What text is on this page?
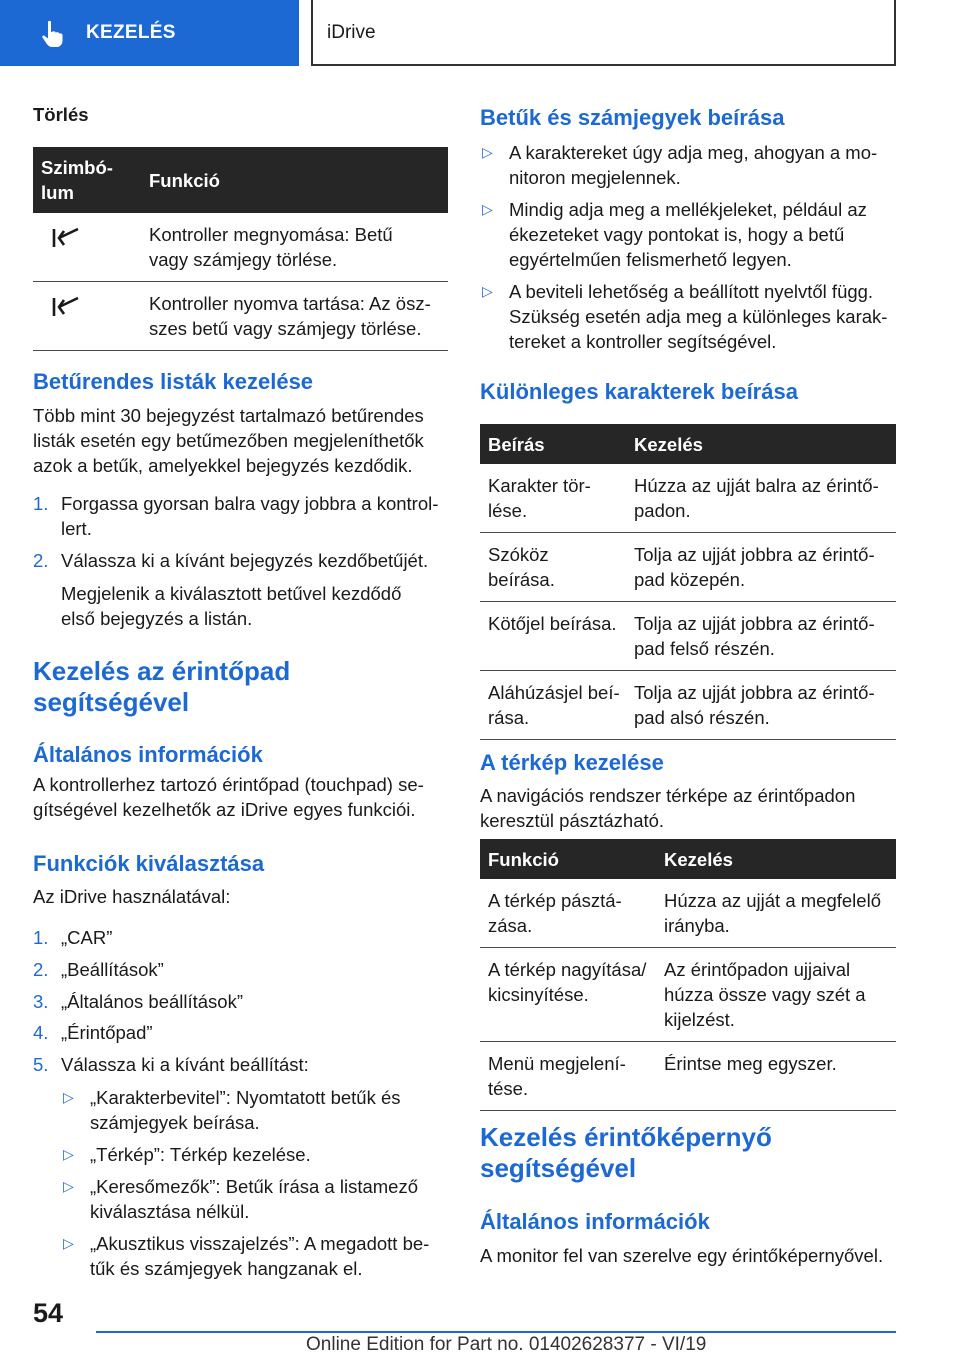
KEZELÉS	iDrive
Törlés
Szimbó-
lum	Funkció
	Kontroller megnyomása: Betű
vagy számjegy törlése.
	Kontroller nyomva tartása: Az ösz-
szes betű vagy számjegy törlése.
Betűrendes listák kezelése
Több mint 30 bejegyzést tartalmazó betűrendes
listák esetén egy betűmezőben megjeleníthetők
azok a betűk, amelyekkel bejegyzés kezdődik.
1. Forgassa gyorsan balra vagy jobbra a kontrol-
lert.
2. Válassza ki a kívánt bejegyzés kezdőbetűjét.
Megjelenik a kiválasztott betűvel kezdődő
első bejegyzés a listán.
Kezelés az érintőpad
segítségével
Általános információk
A kontrollerhez tartozó érintőpad (touchpad) se-
gítségével kezelhetők az iDrive egyes funkciói.
Funkciók kiválasztása
Az iDrive használatával:
1. „CAR”
2. „Beállítások”
3. „Általános beállítások”
4. „Érintőpad”
5. Válassza ki a kívánt beállítást:
▷ „Karakterbevitel”: Nyomtatott betűk és
számjegyek beírása.
▷ „Térkép”: Térkép kezelése.
▷ „Keresőmezők”: Betűk írása a listamező
kiválasztása nélkül.
▷ „Akusztikus visszajelzés”: A megadott be-
tűk és számjegyek hangzanak el.
Betűk és számjegyek beírása
▷ A karaktereket úgy adja meg, ahogyan a mo-
nitoron megjelennek.
▷ Mindig adja meg a mellékjeleket, például az
ékezeteket vagy pontokat is, hogy a betű
egyértelműen felismerhető legyen.
▷ A beviteli lehetőség a beállított nyelvtől függ.
Szükség esetén adja meg a különleges karak-
tereket a kontroller segítségével.
Különleges karakterek beírása
Beírás	Kezelés
Karakter tör-
lése.	Húzza az ujját balra az érintő-
padon.
Szóköz beírása.	Tolja az ujját jobbra az érintő-
pad közepén.
Kötőjel beírása.	Tolja az ujját jobbra az érintő-
pad felső részén.
Aláhúzásjel beí-
rása.	Tolja az ujját jobbra az érintő-
pad alsó részén.
A térkép kezelése
A navigációs rendszer térképe az érintőpadon
keresztül pásztázható.
Funkció	Kezelés
A térkép pásztá-
zása.	Húzza az ujját a megfelelő
irányba.
A térkép nagyítása/
kicsinyítése.	Az érintőpadon ujjaival
húzza össze vagy szét a
kijelzést.
Menü megjelení-
tése.	Érintse meg egyszer.
Kezelés érintőképernyő
segítségével
Általános információk
A monitor fel van szerelve egy érintőképernyővel.
54
Online Edition for Part no. 01402628377 - VI/19
